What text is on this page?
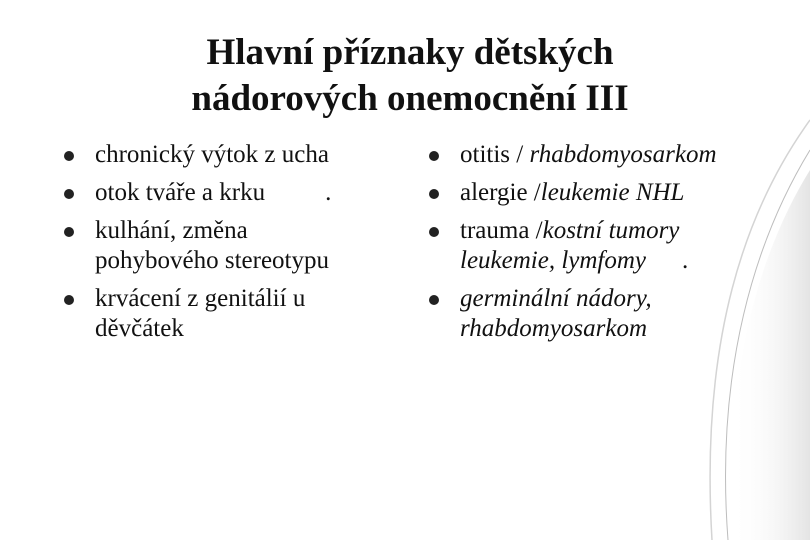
Hlavní příznaky dětských
nádorových onemocnění III
chronický výtok z ucha
otok tváře a krku .
kulhání, změna
pohybového stereotypu
krvácení z genitálií u
děvčátek
otitis / rhabdomyosarkom
alergie /leukemie NHL
trauma /kostní tumory
leukemie, lymfomy .
germinální nádory,
rhabdomyosarkom
